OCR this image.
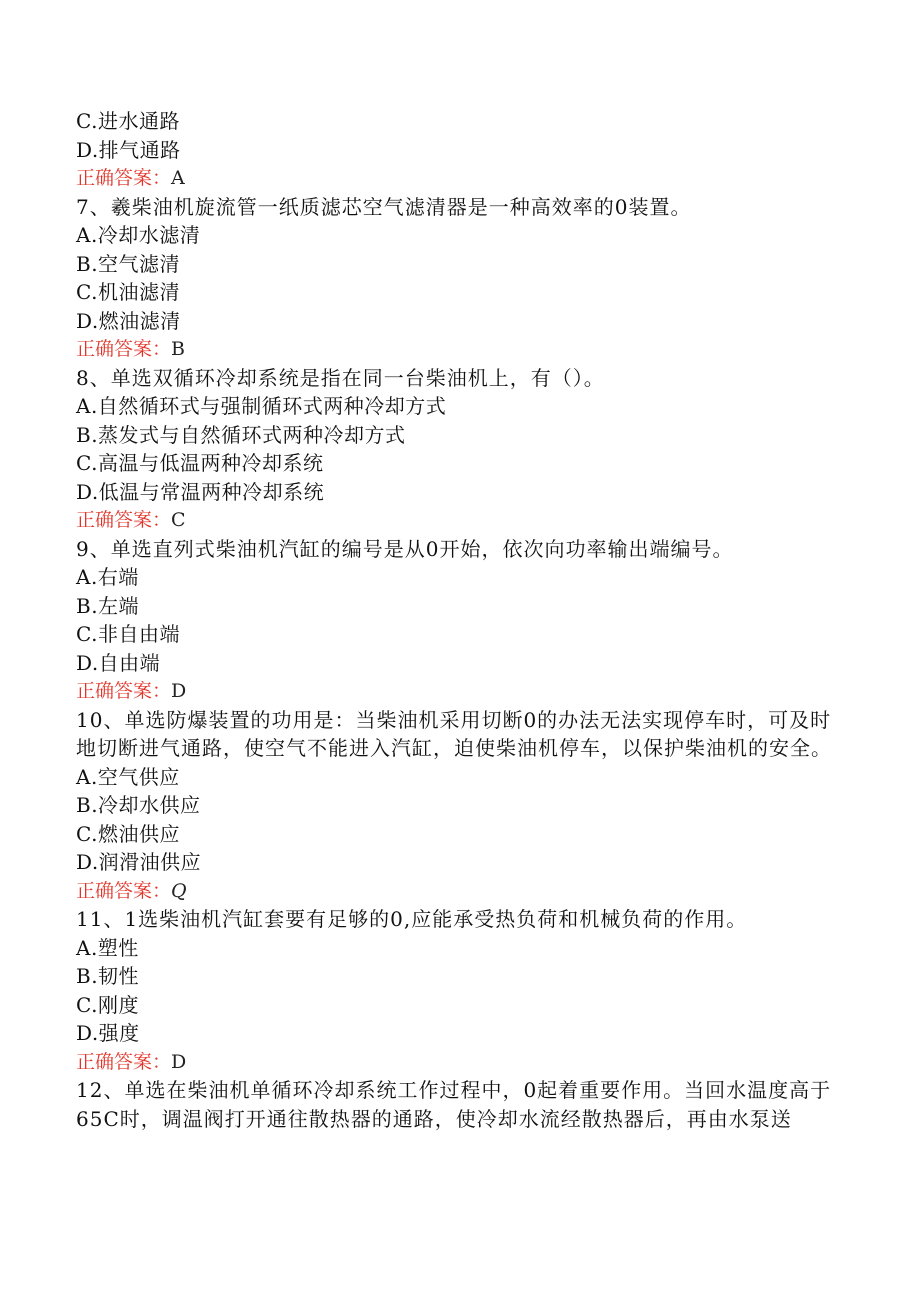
C.进水通路
D.排气通路
正确答案：A
7、羲柴油机旋流管一纸质滤芯空气滤清器是一种高效率的0装置。
A.冷却水滤清
B.空气滤清
C.机油滤清
D.燃油滤清
正确答案：B
8、单选双循环冷却系统是指在同一台柴油机上，有（）。
A.自然循环式与强制循环式两种冷却方式
B.蒸发式与自然循环式两种冷却方式
C.高温与低温两种冷却系统
D.低温与常温两种冷却系统
正确答案：C
9、单选直列式柴油机汽缸的编号是从0开始，依次向功率输出端编号。
A.右端
B.左端
C.非自由端
D.自由端
正确答案：D
10、单选防爆装置的功用是：当柴油机采用切断0的办法无法实现停车时，可及时地切断进气通路，使空气不能进入汽缸，迫使柴油机停车，以保护柴油机的安全。
A.空气供应
B.冷却水供应
C.燃油供应
D.润滑油供应
正确答案：Q
11、1选柴油机汽缸套要有足够的0,应能承受热负荷和机械负荷的作用。
A.塑性
B.韧性
C.刚度
D.强度
正确答案：D
12、单选在柴油机单循环冷却系统工作过程中，0起着重要作用。当回水温度高于65C时，调温阀打开通往散热器的通路，使冷却水流经散热器后，再由水泵送
